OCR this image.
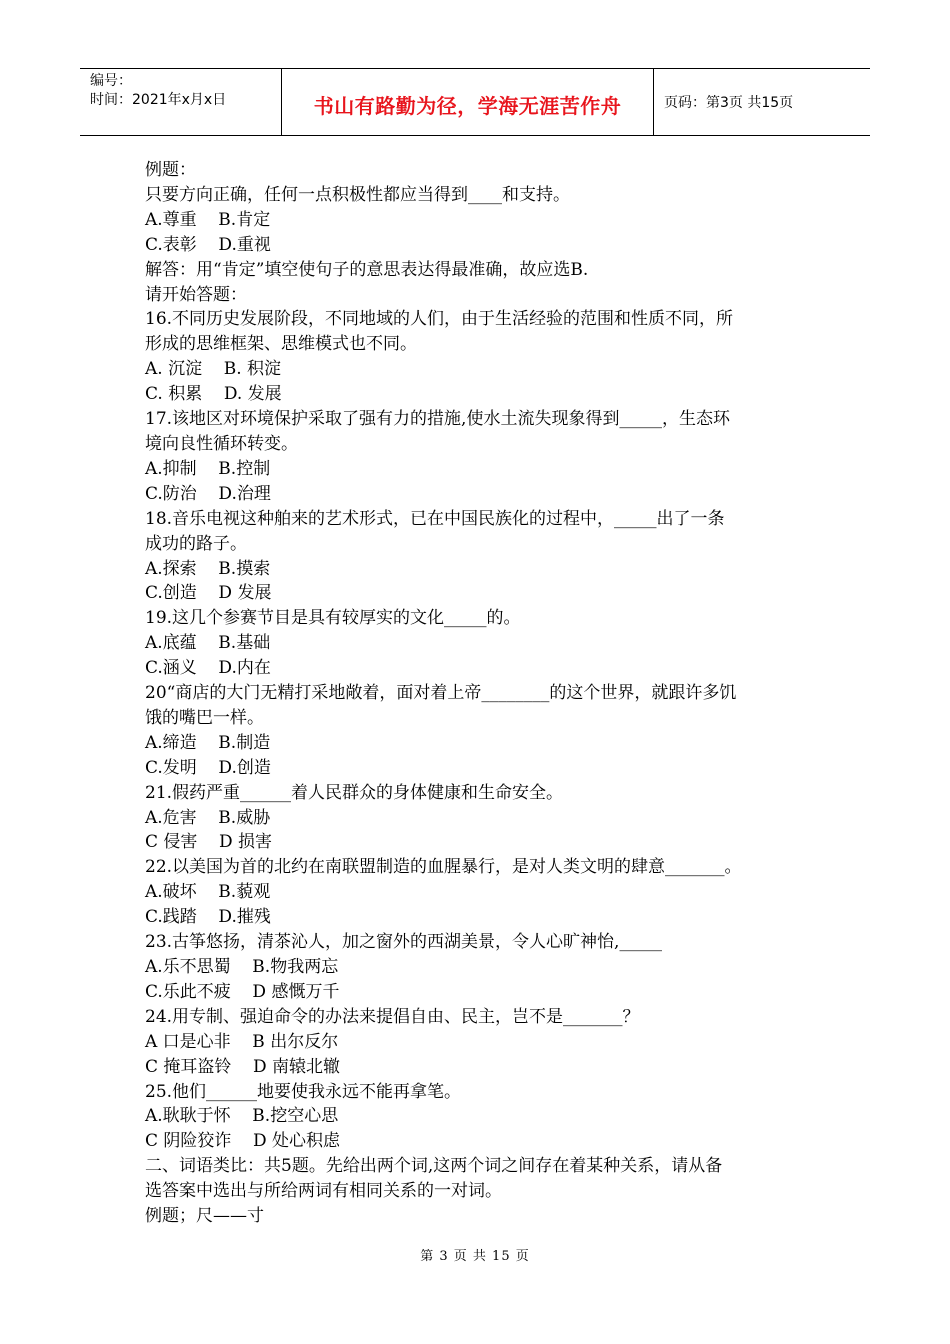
编号：
时间：2021年x月x日	书山有路勤为径，学海无涯苦作舟	页码：第3页 共15页
例题：
只要方向正确，任何一点积极性都应当得到____和支持。
A.尊重    B.肯定
C.表彰    D.重视
解答：用“肯定”填空使句子的意思表达得最准确，故应选B.
请开始答题：
16.不同历史发展阶段，不同地域的人们，由于生活经验的范围和性质不同，所
形成的思维框架、思维模式也不同。
A. 沉淀    B. 积淀
C. 积累    D. 发展
17.该地区对环境保护采取了强有力的措施,使水土流失现象得到_____，生态环
境向良性循环转变。
A.抑制    B.控制
C.防治    D.治理
18.音乐电视这种舶来的艺术形式，已在中国民族化的过程中，_____出了一条
成功的路子。
A.探索    B.摸索
C.创造    D 发展
19.这几个参赛节目是具有较厚实的文化_____的。
A.底蕴    B.基础
C.涵义    D.内在
20“商店的大门无精打采地敞着，面对着上帝________的这个世界，就跟许多饥
饿的嘴巴一样。
A.缔造    B.制造
C.发明    D.创造
21.假药严重______着人民群众的身体健康和生命安全。
A.危害    B.威胁
C 侵害    D 损害
22.以美国为首的北约在南联盟制造的血腥暴行，是对人类文明的肆意_______。
A.破坏    B.藐观
C.践踏    D.摧残
23.古筝悠扬，清茶沁人，加之窗外的西湖美景，令人心旷神怡,_____
A.乐不思蜀    B.物我两忘
C.乐此不疲    D 感慨万千
24.用专制、强迫命令的办法来提倡自由、民主，岂不是_______？
A 口是心非    B 出尔反尔
C 掩耳盗铃    D 南辕北辙
25.他们______地要使我永远不能再拿笔。
A.耿耿于怀    B.挖空心思
C 阴险狡诈    D 处心积虑
二、词语类比：共5题。先给出两个词,这两个词之间存在着某种关系，请从备
选答案中选出与所给两词有相同关系的一对词。
例题；尺——寸
第 3 页 共 15 页
